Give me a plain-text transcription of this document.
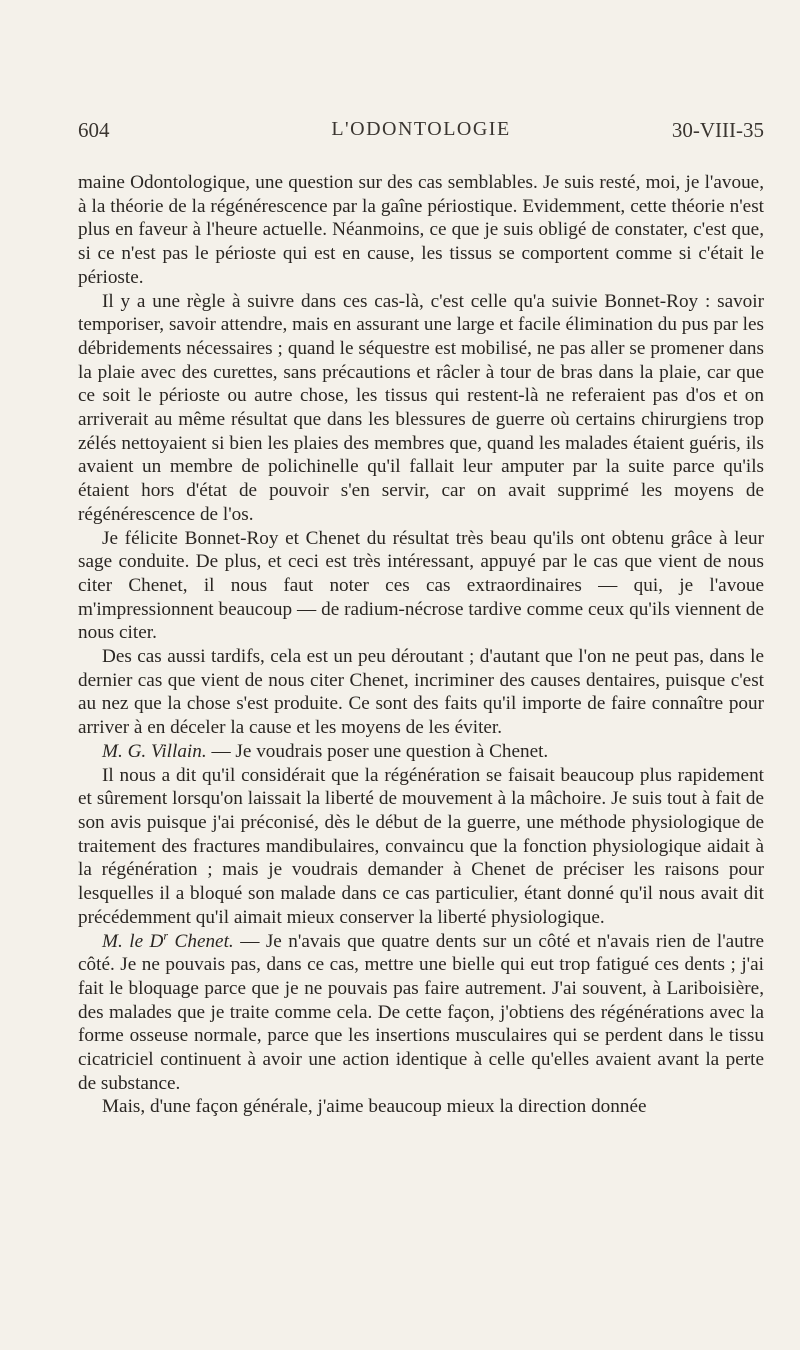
604	L'ODONTOLOGIE	30-VIII-35

maine Odontologique, une question sur des cas semblables. Je suis resté, moi, je l'avoue, à la théorie de la régénérescence par la gaîne périostique. Evidemment, cette théorie n'est plus en faveur à l'heure actuelle. Néanmoins, ce que je suis obligé de constater, c'est que, si ce n'est pas le périoste qui est en cause, les tissus se comportent comme si c'était le périoste.

Il y a une règle à suivre dans ces cas-là, c'est celle qu'a suivie Bonnet-Roy : savoir temporiser, savoir attendre, mais en assurant une large et facile élimination du pus par les débridements nécessaires ; quand le séquestre est mobilisé, ne pas aller se promener dans la plaie avec des curettes, sans précautions et râcler à tour de bras dans la plaie, car que ce soit le périoste ou autre chose, les tissus qui restent-là ne referaient pas d'os et on arriverait au même résultat que dans les blessures de guerre où certains chirurgiens trop zélés nettoyaient si bien les plaies des membres que, quand les malades étaient guéris, ils avaient un membre de polichinelle qu'il fallait leur amputer par la suite parce qu'ils étaient hors d'état de pouvoir s'en servir, car on avait supprimé les moyens de régénérescence de l'os.

Je félicite Bonnet-Roy et Chenet du résultat très beau qu'ils ont obtenu grâce à leur sage conduite. De plus, et ceci est très intéressant, appuyé par le cas que vient de nous citer Chenet, il nous faut noter ces cas extraordinaires — qui, je l'avoue m'impressionnent beaucoup — de radium-nécrose tardive comme ceux qu'ils viennent de nous citer.

Des cas aussi tardifs, cela est un peu déroutant ; d'autant que l'on ne peut pas, dans le dernier cas que vient de nous citer Chenet, incriminer des causes dentaires, puisque c'est au nez que la chose s'est produite. Ce sont des faits qu'il importe de faire connaître pour arriver à en déceler la cause et les moyens de les éviter.

M. G. Villain. — Je voudrais poser une question à Chenet.

Il nous a dit qu'il considérait que la régénération se faisait beaucoup plus rapidement et sûrement lorsqu'on laissait la liberté de mouvement à la mâchoire. Je suis tout à fait de son avis puisque j'ai préconisé, dès le début de la guerre, une méthode physiologique de traitement des fractures mandibulaires, convaincu que la fonction physiologique aidait à la régénération ; mais je voudrais demander à Chenet de préciser les raisons pour lesquelles il a bloqué son malade dans ce cas particulier, étant donné qu'il nous avait dit précédemment qu'il aimait mieux conserver la liberté physiologique.

M. le $D^r$ Chenet. — Je n'avais que quatre dents sur un côté et n'avais rien de l'autre côté. Je ne pouvais pas, dans ce cas, mettre une bielle qui eut trop fatigué ces dents ; j'ai fait le bloquage parce que je ne pouvais pas faire autrement. J'ai souvent, à Lariboisière, des malades que je traite comme cela. De cette façon, j'obtiens des régénérations avec la forme osseuse normale, parce que les insertions musculaires qui se perdent dans le tissu cicatriciel continuent à avoir une action identique à celle qu'elles avaient avant la perte de substance.

Mais, d'une façon générale, j'aime beaucoup mieux la direction donnée
